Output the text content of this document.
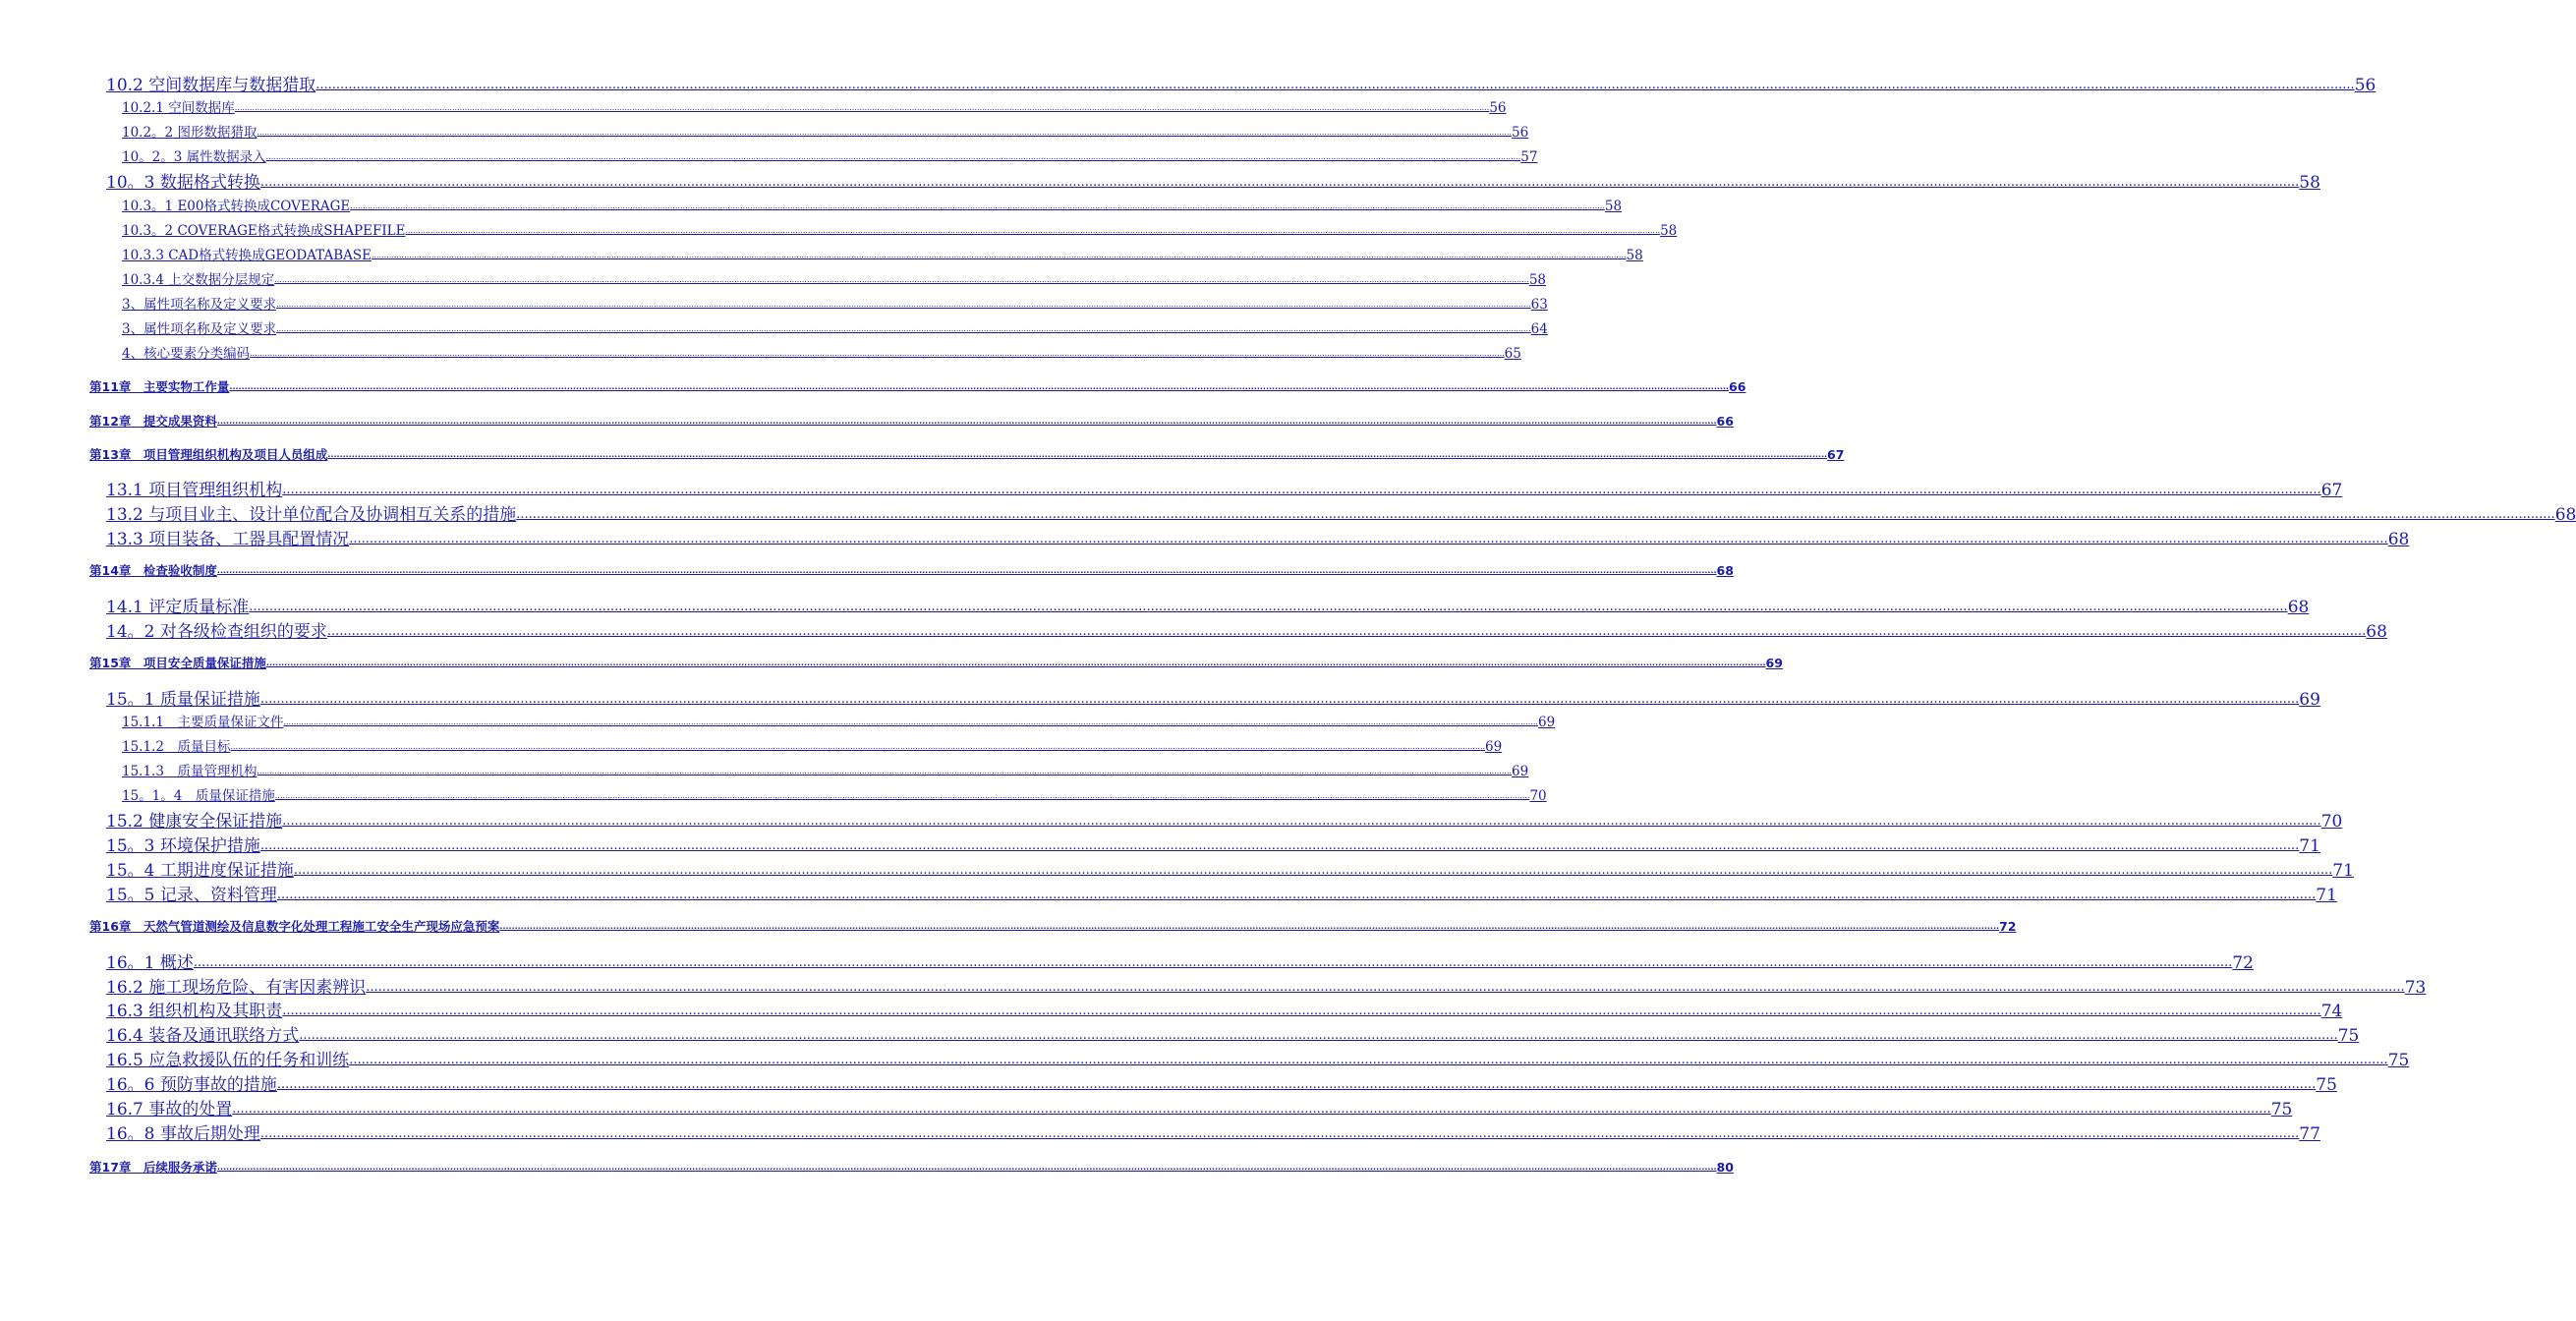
10.2 空间数据库与数据猎取 ...................................................................................................................................................................................................................................................................................................................................................................................................................................................................................................................... 56
10.2.1 空间数据库 ...................................................................................................................................................................................................................................................................................................................................................................................................................................................................................................................... 56
10.2。2 图形数据猎取 ...................................................................................................................................................................................................................................................................................................................................................................................................................................................................................................................... 56
10。2。3 属性数据录入 ...................................................................................................................................................................................................................................................................................................................................................................................................................................................................................................................... 57
10。3 数据格式转换 ...................................................................................................................................................................................................................................................................................................................................................................................................................................................................................................................... 58
10.3。1 E00格式转换成COVERAGE ...................................................................................................................................................................................................................................................................................................................................................................................................................................................................................................................... 58
10.3。2 COVERAGE格式转换成SHAPEFILE ...................................................................................................................................................................................................................................................................................................................................................................................................................................................................................................................... 58
10.3.3 CAD格式转换成GEODATABASE ...................................................................................................................................................................................................................................................................................................................................................................................................................................................................................................................... 58
10.3.4 上交数据分层规定 ...................................................................................................................................................................................................................................................................................................................................................................................................................................................................................................................... 58
3、属性项名称及定义要求 ...................................................................................................................................................................................................................................................................................................................................................................................................................................................................................................................... 63
3、属性项名称及定义要求 ...................................................................................................................................................................................................................................................................................................................................................................................................................................................................................................................... 64
4、核心要素分类编码 ...................................................................................................................................................................................................................................................................................................................................................................................................................................................................................................................... 65
第11章　主要实物工作量 ...................................................................................................................................................................................................................................................................................................................................................................................................................................................................................................................... 66
第12章　提交成果资料 ...................................................................................................................................................................................................................................................................................................................................................................................................................................................................................................................... 66
第13章　项目管理组织机构及项目人员组成 ...................................................................................................................................................................................................................................................................................................................................................................................................................................................................................................................... 67
13.1 项目管理组织机构 ...................................................................................................................................................................................................................................................................................................................................................................................................................................................................................................................... 67
13.2 与项目业主、设计单位配合及协调相互关系的措施 ...................................................................................................................................................................................................................................................................................................................................................................................................................................................................................................................... 68
13.3 项目装备、工器具配置情况 ...................................................................................................................................................................................................................................................................................................................................................................................................................................................................................................................... 68
第14章　检查验收制度 ...................................................................................................................................................................................................................................................................................................................................................................................................................................................................................................................... 68
14.1 评定质量标准 ...................................................................................................................................................................................................................................................................................................................................................................................................................................................................................................................... 68
14。2 对各级检查组织的要求 ...................................................................................................................................................................................................................................................................................................................................................................................................................................................................................................................... 68
第15章　项目安全质量保证措施 ...................................................................................................................................................................................................................................................................................................................................................................................................................................................................................................................... 69
15。1 质量保证措施 ...................................................................................................................................................................................................................................................................................................................................................................................................................................................................................................................... 69
15.1.1　主要质量保证文件 ...................................................................................................................................................................................................................................................................................................................................................................................................................................................................................................................... 69
15.1.2　质量目标 ...................................................................................................................................................................................................................................................................................................................................................................................................................................................................................................................... 69
15.1.3　质量管理机构 ...................................................................................................................................................................................................................................................................................................................................................................................................................................................................................................................... 69
15。1。4　质量保证措施 ...................................................................................................................................................................................................................................................................................................................................................................................................................................................................................................................... 70
15.2 健康安全保证措施 ...................................................................................................................................................................................................................................................................................................................................................................................................................................................................................................................... 70
15。3 环境保护措施 ...................................................................................................................................................................................................................................................................................................................................................................................................................................................................................................................... 71
15。4 工期进度保证措施 ...................................................................................................................................................................................................................................................................................................................................................................................................................................................................................................................... 71
15。5 记录、资料管理 ...................................................................................................................................................................................................................................................................................................................................................................................................................................................................................................................... 71
第16章　天然气管道测绘及信息数字化处理工程施工安全生产现场应急预案 ...................................................................................................................................................................................................................................................................................................................................................................................................................................................................................................................... 72
16。1 概述 ...................................................................................................................................................................................................................................................................................................................................................................................................................................................................................................................... 72
16.2 施工现场危险、有害因素辨识 ...................................................................................................................................................................................................................................................................................................................................................................................................................................................................................................................... 73
16.3 组织机构及其职责 ...................................................................................................................................................................................................................................................................................................................................................................................................................................................................................................................... 74
16.4 装备及通讯联络方式 ...................................................................................................................................................................................................................................................................................................................................................................................................................................................................................................................... 75
16.5 应急救援队伍的任务和训练 ...................................................................................................................................................................................................................................................................................................................................................................................................................................................................................................................... 75
16。6 预防事故的措施 ...................................................................................................................................................................................................................................................................................................................................................................................................................................................................................................................... 75
16.7 事故的处置 ...................................................................................................................................................................................................................................................................................................................................................................................................................................................................................................................... 75
16。8 事故后期处理 ...................................................................................................................................................................................................................................................................................................................................................................................................................................................................................................................... 77
第17章　后续服务承诺 ...................................................................................................................................................................................................................................................................................................................................................................................................................................................................................................................... 80
